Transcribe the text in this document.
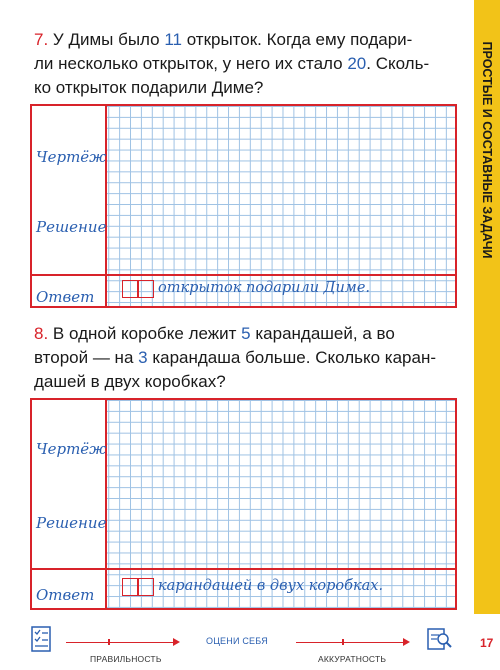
ПРОСТЫЕ И СОСТАВНЫЕ ЗАДАЧИ
7. У Димы было 11 открыток. Когда ему подари-
ли несколько открыток, у него их стало 20. Сколь-
ко открыток подарили Диме?
Чертёж
Решение
Ответ	открыток подарили Диме.
8. В одной коробке лежит 5 карандашей, а во
второй — на 3 карандаша больше. Сколько каран-
дашей в двух коробках?
Чертёж
Решение
Ответ	карандашей в двух коробках.
ПРАВИЛЬНОСТЬ
ОЦЕНИ СЕБЯ
АККУРАТНОСТЬ
17
